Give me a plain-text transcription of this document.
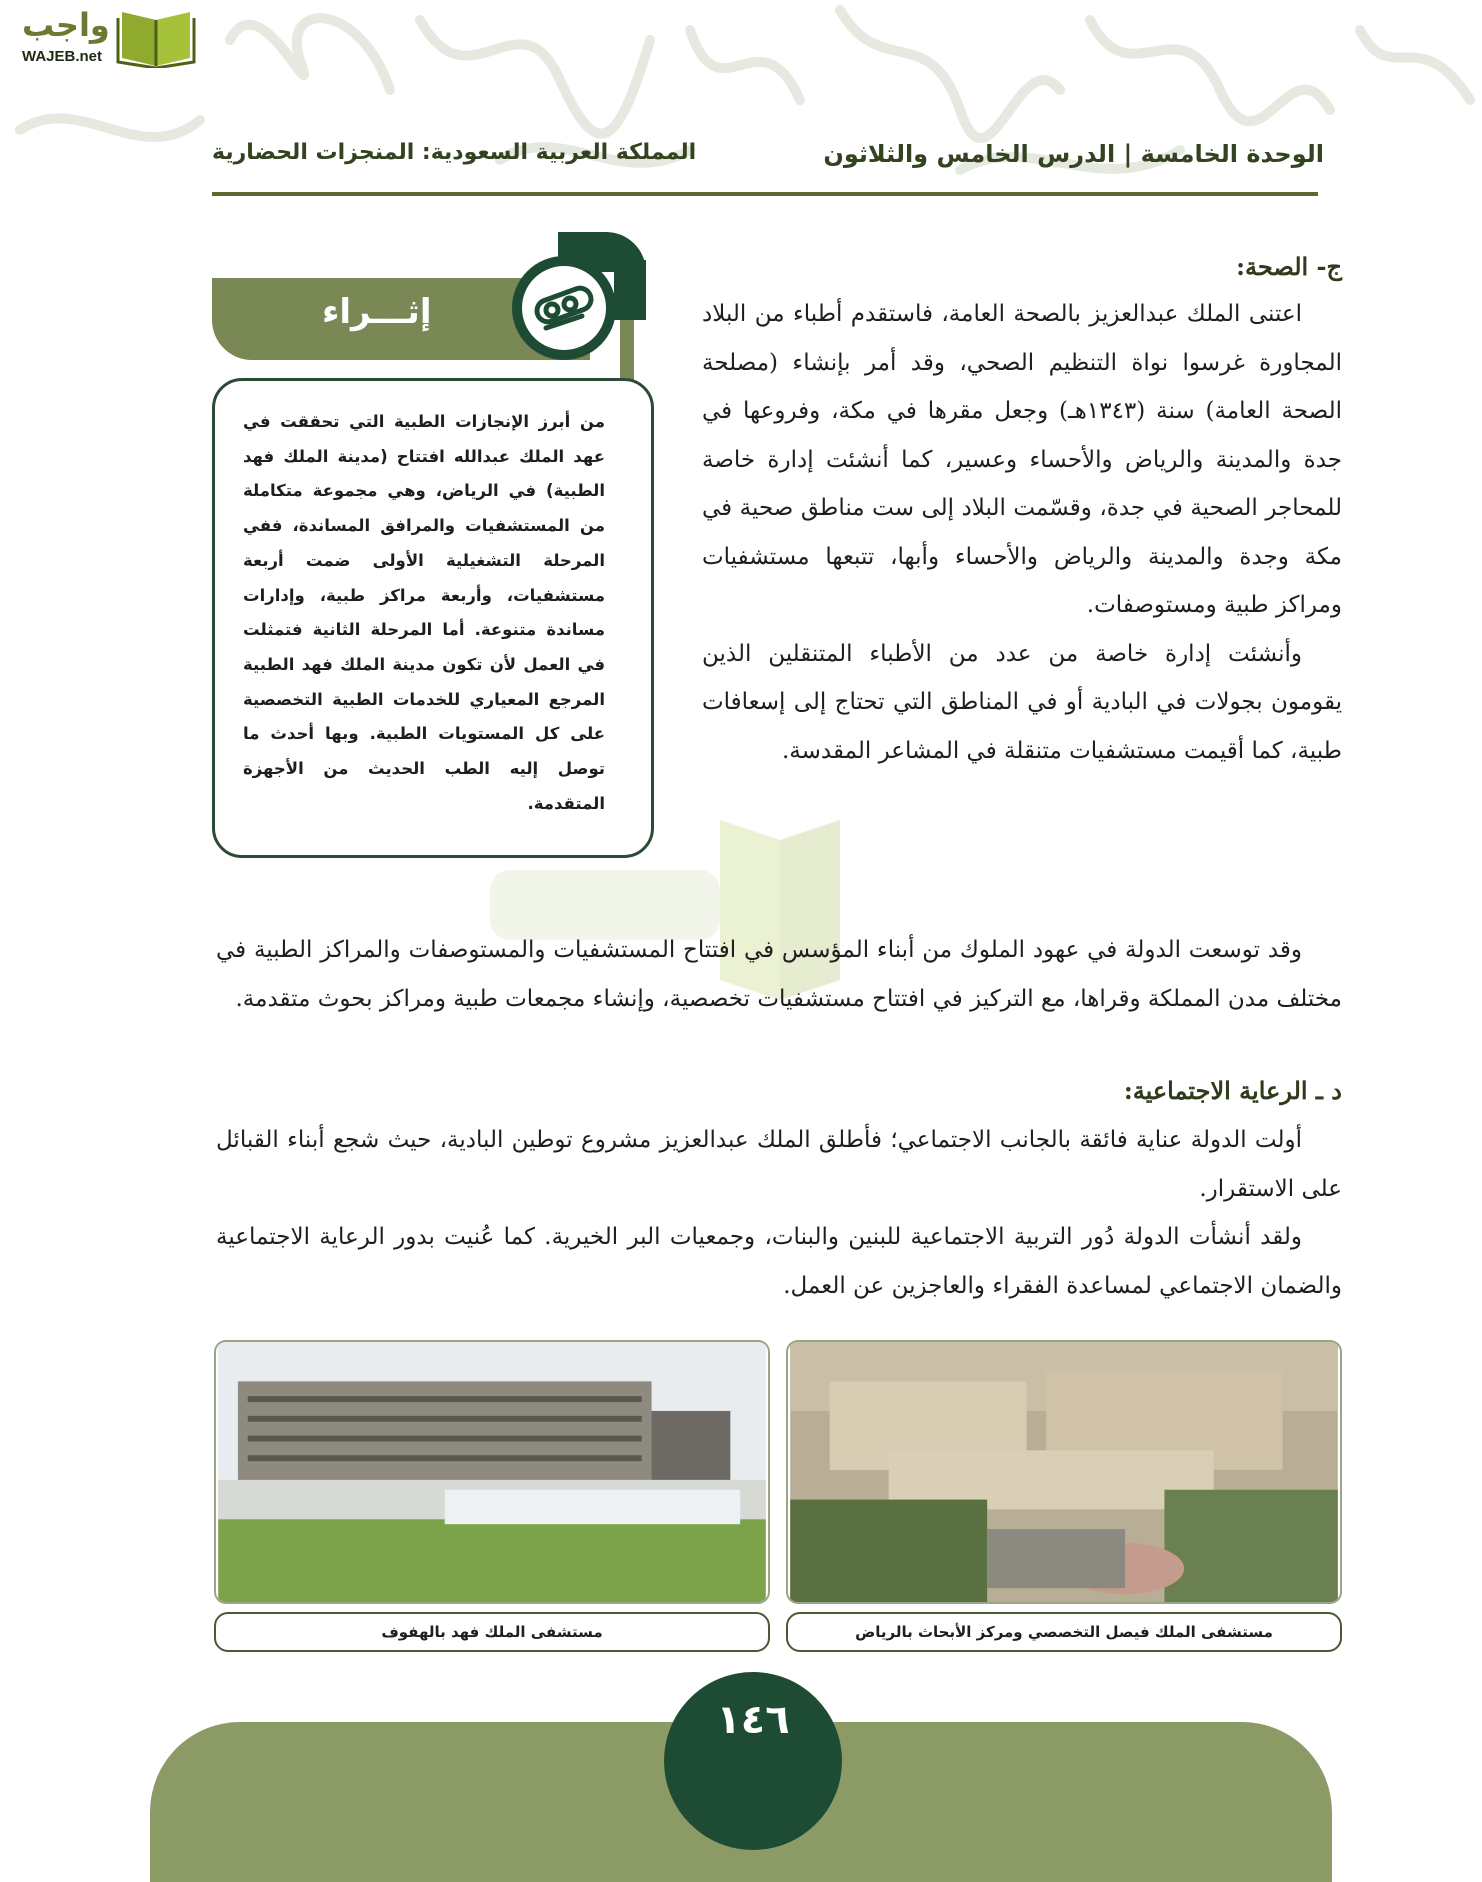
واجب
WAJEB.net
الوحدة الخامسة | الدرس الخامس والثلاثون
المملكة العربية السعودية: المنجزات الحضارية
ج- الصحة:

اعتنى الملك عبدالعزيز بالصحة العامة، فاستقدم أطباء من البلاد المجاورة غرسوا نواة التنظيم الصحي، وقد أمر بإنشاء (مصلحة الصحة العامة) سنة (١٣٤٣هـ) وجعل مقرها في مكة، وفروعها في جدة والمدينة والرياض والأحساء وعسير، كما أنشئت إدارة خاصة للمحاجر الصحية في جدة، وقسّمت البلاد إلى ست مناطق صحية في مكة وجدة والمدينة والرياض والأحساء وأبها، تتبعها مستشفيات ومراكز طبية ومستوصفات.

وأنشئت إدارة خاصة من عدد من الأطباء المتنقلين الذين يقومون بجولات في البادية أو في المناطق التي تحتاج إلى إسعافات طبية، كما أقيمت مستشفيات متنقلة في المشاعر المقدسة.

وقد توسعت الدولة في عهود الملوك من أبناء المؤسس في افتتاح المستشفيات والمستوصفات والمراكز الطبية في مختلف مدن المملكة وقراها، مع التركيز في افتتاح مستشفيات تخصصية، وإنشاء مجمعات طبية ومراكز بحوث متقدمة.

د ـ الرعاية الاجتماعية:

أولت الدولة عناية فائقة بالجانب الاجتماعي؛ فأطلق الملك عبدالعزيز مشروع توطين البادية، حيث شجع أبناء القبائل على الاستقرار.

ولقد أنشأت الدولة دُور التربية الاجتماعية للبنين والبنات، وجمعيات البر الخيرية. كما عُنيت بدور الرعاية الاجتماعية والضمان الاجتماعي لمساعدة الفقراء والعاجزين عن العمل.

إثـــراء
من أبرز الإنجازات الطبية التي تحققت في عهد الملك عبدالله افتتاح (مدينة الملك فهد الطبية) في الرياض، وهي مجموعة متكاملة من المستشفيات والمرافق المساندة، ففي المرحلة التشغيلية الأولى ضمت أربعة مستشفيات، وأربعة مراكز طبية، وإدارات مساندة متنوعة. أما المرحلة الثانية فتمثلت في العمل لأن تكون مدينة الملك فهد الطبية المرجع المعياري للخدمات الطبية التخصصية على كل المستويات الطبية. وبها أحدث ما توصل إليه الطب الحديث من الأجهزة المتقدمة.
مستشفى الملك فيصل التخصصي ومركز الأبحاث بالرياض
مستشفى الملك فهد بالهفوف
١٤٦
